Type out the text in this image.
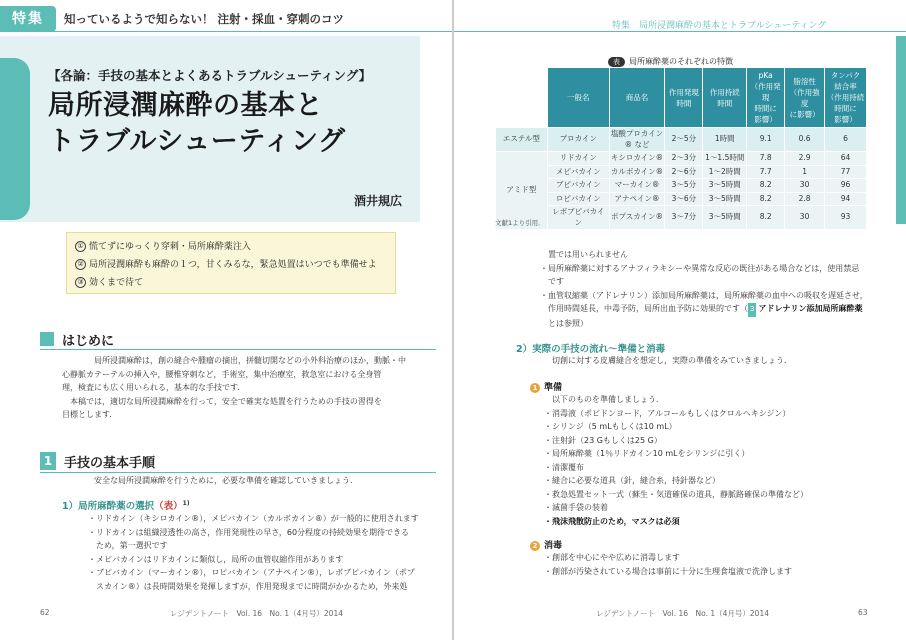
特集	知っているようで知らない！ 注射・採血・穿刺のコツ
【各論：手技の基本とよくあるトラブルシューティング】
局所浸潤麻酔の基本と
トラブルシューティング
酒井規広
① 慌てずにゆっくり穿刺・局所麻酔薬注入
② 局所浸潤麻酔も麻酔の１つ，甘くみるな，緊急処置はいつでも準備せよ
③ 効くまで待て
はじめに
局所浸潤麻酔は，創の縫合や腫瘤の摘出，拼髄切開などの小外科治療のほか，動脈・中
心静脈カテーテルの挿入や，腰椎穿刺など，手術室，集中治療室，救急室における全身管
理，検査にも広く用いられる，基本的な手技です．
本稿では，適切な局所浸潤麻酔を行って，安全で確実な処置を行うための手技の習得を
目標とします．
1 手技の基本手順
安全な局所浸潤麻酔を行うために，必要な準備を確認していきましょう．
1）局所麻酔薬の選択（表）$^{1)}$
・リドカイン（キシロカイン®），メピバカイン（カルボカイン®）が一般的に使用されます
・リドカインは組織浸透性の高さ，作用発現性の早さ，60分程度の持続効果を期待できる
　ため，第一選択です
・メピバカインはリドカインに類似し，局所の血管収縮作用があります
・ブピバカイン（マーカイン®），ロピバカイン（アナペイン®），レボブピバカイン（ポプ
　スカイン®）は長時間効果を発揮しますが，作用発現までに時間がかかるため，外来処
62	レジデントノート　Vol. 16　No. 1（4月号）2014
特集　局所浸潤麻酔の基本とトラブルシューティング
表 局所麻酔薬のそれぞれの特徴
	一般名	商品名	作用発現
時間	作用持続
時間	pKa
（作用発現
時間に
影響）	脂溶性
（作用強度
に影響）	タンパク
結合率
（作用持続
時間に
影響）
エステル型	プロカイン	塩酸プロカイン® など	2～5分	1時間	9.1	0.6	6
アミド型	リドカイン	キシロカイン®	2～3分	1～1.5時間	7.8	2.9	64
	メピバカイン	カルボカイン®	2～6分	1～2時間	7.7	1	77
	ブピバカイン	マーカイン®	3～5分	3～5時間	8.2	30	96
	ロピバカイン	アナペイン®	3～6分	3～5時間	8.2	2.8	94
	レボブピバカイン	ポプスカイン®	3～7分	3～5時間	8.2	30	93
文献1より引用．
　置では用いられません
・局所麻酔薬に対するアナフィラキシーや異常な反応の既往がある場合などは，使用禁忌
　です
・血管収縮薬（アドレナリン）添加局所麻酔薬は，局所麻酔薬の血中への吸収を遅延させ，
　作用時間延長，中毒予防，局所出血予防に効果的です（ 3 アドレナリン添加局所麻酔薬
　とは参照）
2）実際の手技の流れ～準備と消毒
切創に対する皮膚縫合を想定し，実際の準備をみていきましょう．
1 準備
以下のものを準備しましょう．
・消毒液（ポビドンヨード，アルコールもしくはクロルヘキシジン）
・シリンジ（5 mLもしくは10 mL）
・注射針（23 Gもしくは25 G）
・局所麻酔薬（1％リドカイン10 mLをシリンジに引く）
・清潔覆布
・縫合に必要な道具（針，縫合糸，持針器など）
・救急処置セット一式（蘇生・気道確保の道具，静脈路確保の準備など）
・滅菌手袋の装着
・飛沫飛散防止のため，マスクは必須
2 消毒
・創部を中心にやや広めに消毒します
・創部が汚染されている場合は事前に十分に生理食塩液で洗浄します
レジデントノート　Vol. 16　No. 1（4月号）2014	63
